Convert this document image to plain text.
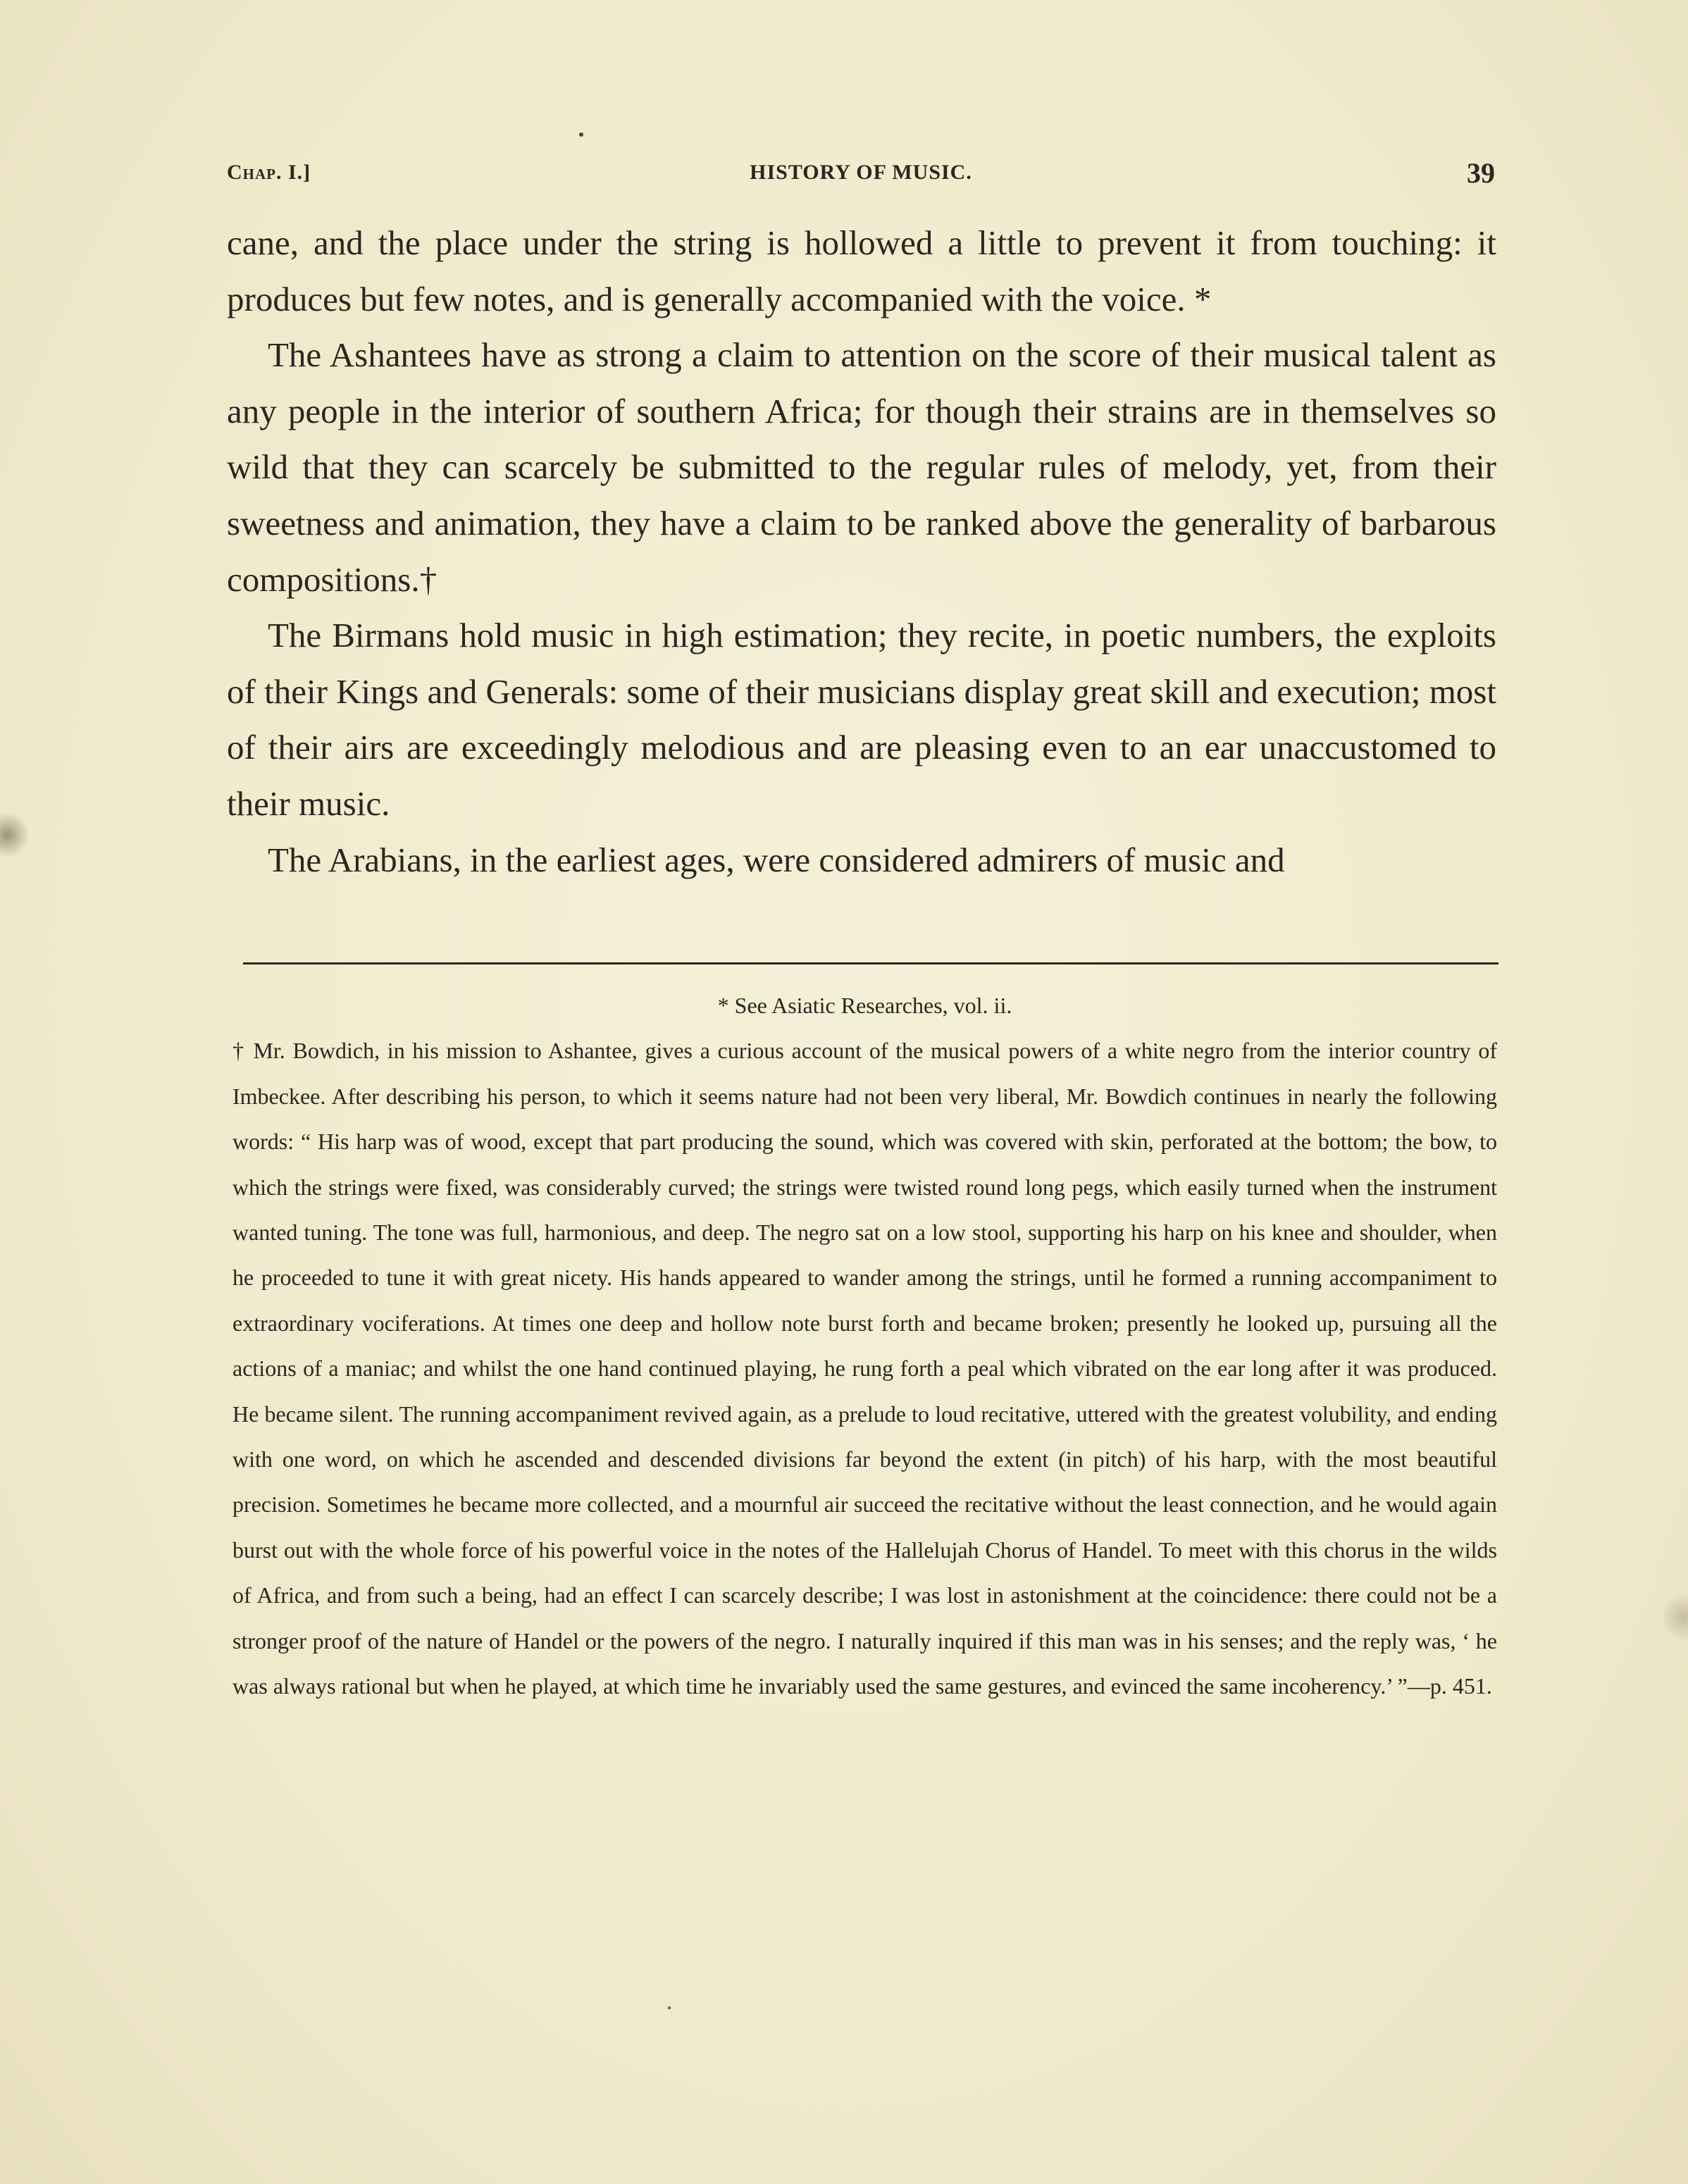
Chap. I.]	HISTORY OF MUSIC.	39

cane, and the place under the string is hollowed a little to prevent it from touching: it produces but few notes, and is generally accompanied with the voice. *

The Ashantees have as strong a claim to attention on the score of their musical talent as any people in the interior of southern Africa; for though their strains are in themselves so wild that they can scarcely be submitted to the regular rules of melody, yet, from their sweetness and animation, they have a claim to be ranked above the generality of barbarous compositions.†

The Birmans hold music in high estimation; they recite, in poetic numbers, the exploits of their Kings and Generals: some of their musicians display great skill and execution; most of their airs are exceedingly melodious and are pleasing even to an ear unaccustomed to their music.

The Arabians, in the earliest ages, were considered admirers of music and

* See Asiatic Researches, vol. ii.

† Mr. Bowdich, in his mission to Ashantee, gives a curious account of the musical powers of a white negro from the interior country of Imbeckee. After describing his person, to which it seems nature had not been very liberal, Mr. Bowdich continues in nearly the following words: “ His harp was of wood, except that part producing the sound, which was covered with skin, perforated at the bottom; the bow, to which the strings were fixed, was considerably curved; the strings were twisted round long pegs, which easily turned when the instrument wanted tuning. The tone was full, harmonious, and deep. The negro sat on a low stool, supporting his harp on his knee and shoulder, when he proceeded to tune it with great nicety. His hands appeared to wander among the strings, until he formed a running accompaniment to extraordinary vociferations. At times one deep and hollow note burst forth and became broken; presently he looked up, pursuing all the actions of a maniac; and whilst the one hand continued playing, he rung forth a peal which vibrated on the ear long after it was produced. He became silent. The running accompaniment revived again, as a prelude to loud recitative, uttered with the greatest volubility, and ending with one word, on which he ascended and descended divisions far beyond the extent (in pitch) of his harp, with the most beautiful precision. Sometimes he became more collected, and a mournful air succeed the recitative without the least connection, and he would again burst out with the whole force of his powerful voice in the notes of the Hallelujah Chorus of Handel. To meet with this chorus in the wilds of Africa, and from such a being, had an effect I can scarcely describe; I was lost in astonishment at the coincidence: there could not be a stronger proof of the nature of Handel or the powers of the negro. I naturally inquired if this man was in his senses; and the reply was, ‘ he was always rational but when he played, at which time he invariably used the same gestures, and evinced the same incoherency.’ ”—p. 451.
